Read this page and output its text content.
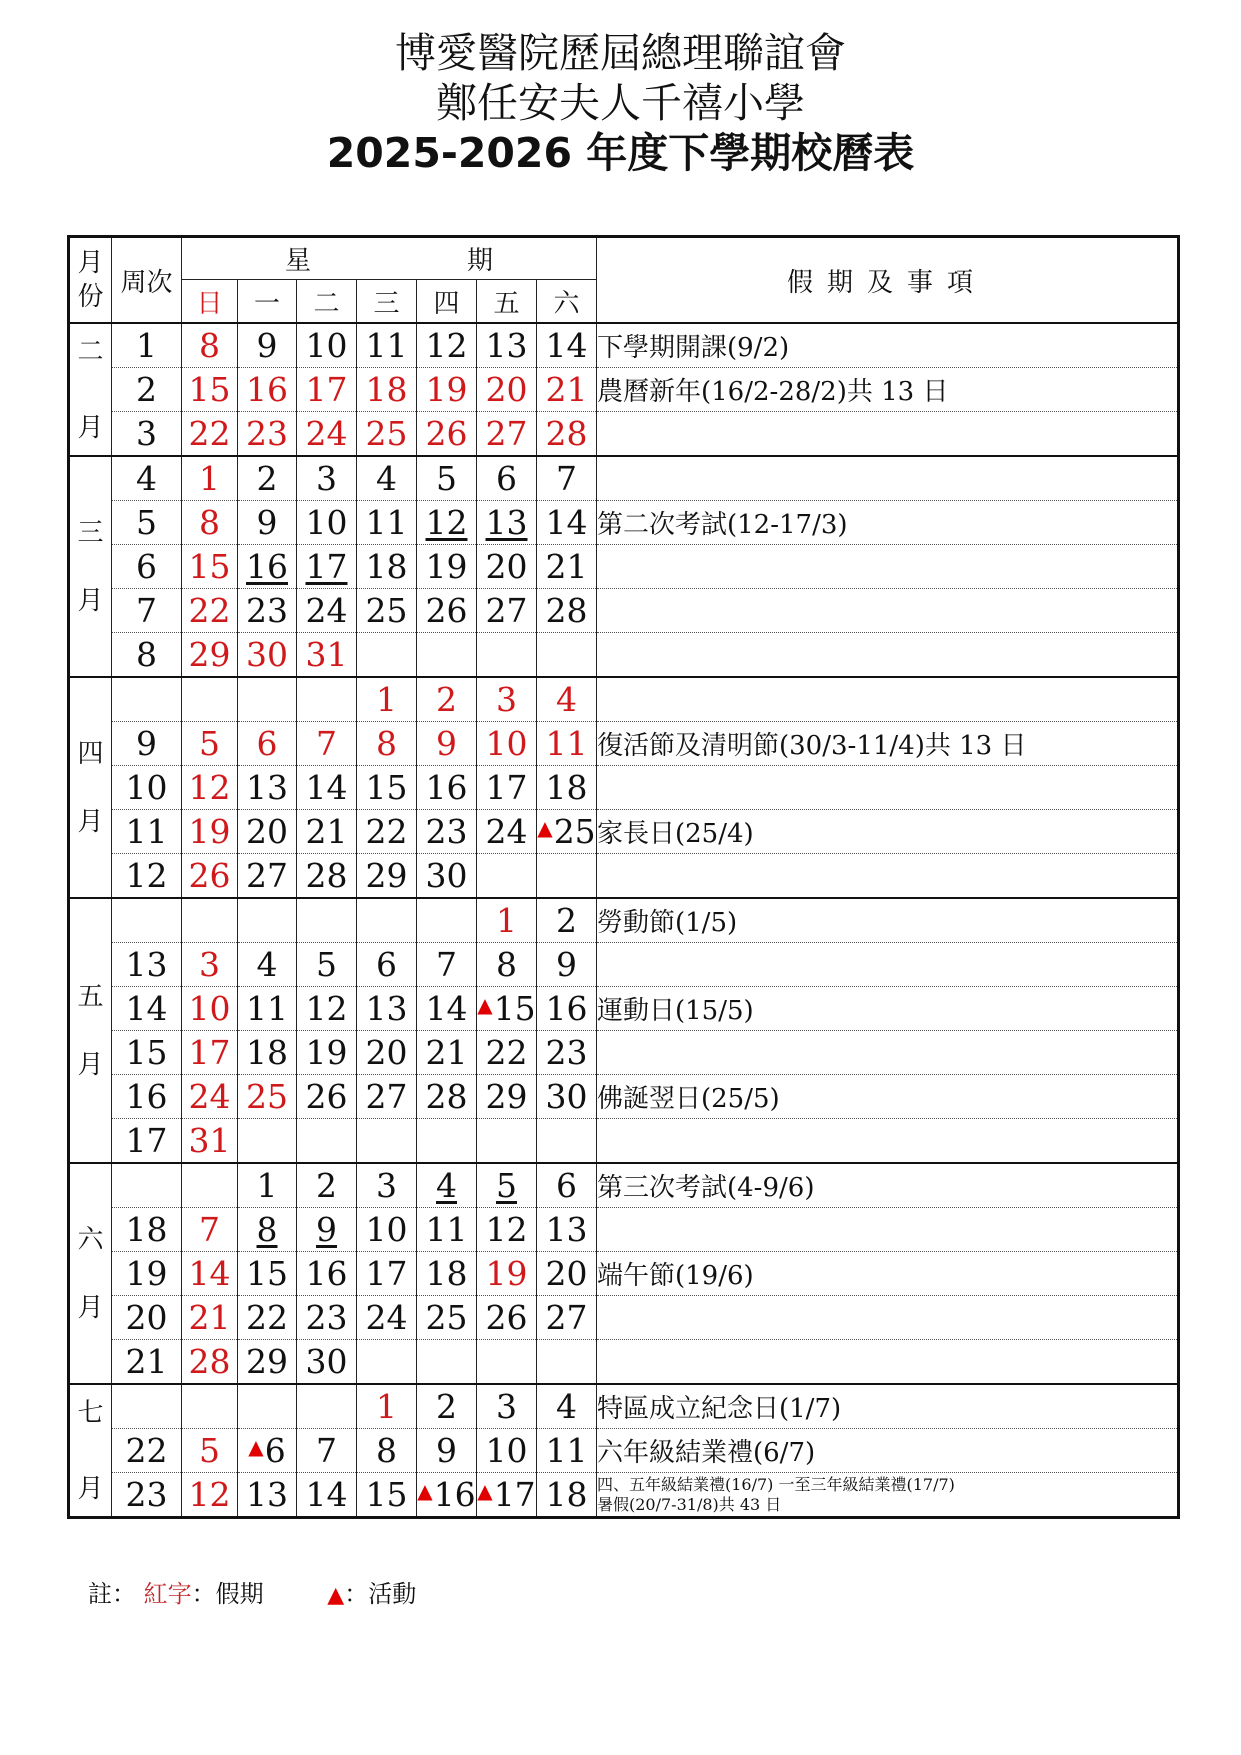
博愛醫院歷屆總理聯誼會
鄭任安夫人千禧小學
2025-2026 年度下學期校曆表
月份	周次	星　　　　　　期							假期及事項
		日	一	二	三	四	五	六	

二

月	1	8	9	10	11	12	13	14	下學期開課(9/2)
	2	15	16	17	18	19	20	21	農曆新年(16/2-28/2)共 13 日
	3	22	23	24	25	26	27	28	

三

月	4	1	2	3	4	5	6	7	
	5	8	9	10	11	12	13	14	第二次考試(12-17/3)
	6	15	16	17	18	19	20	21	
	7	22	23	24	25	26	27	28	
	8	29	30	31					

四

月					1	2	3	4	
	9	5	6	7	8	9	10	11	復活節及清明節(30/3-11/4)共 13 日
	10	12	13	14	15	16	17	18	
	11	19	20	21	22	23	24	▲25	家長日(25/4)
	12	26	27	28	29	30			

五

月							1	2	勞動節(1/5)
	13	3	4	5	6	7	8	9	
	14	10	11	12	13	14	▲15	16	運動日(15/5)
	15	17	18	19	20	21	22	23	
	16	24	25	26	27	28	29	30	佛誕翌日(25/5)
	17	31							

六

月			1	2	3	4	5	6	第三次考試(4-9/6)
	18	7	8	9	10	11	12	13	
	19	14	15	16	17	18	19	20	端午節(19/6)
	20	21	22	23	24	25	26	27	
	21	28	29	30					

七

月					1	2	3	4	特區成立紀念日(1/7)
	22	5	▲6	7	8	9	10	11	六年級結業禮(6/7)
	23	12	13	14	15	▲16	▲17	18	四、五年級結業禮(16/7) 一至三年級結業禮(17/7)
暑假(20/7-31/8)共 43 日
註： 紅字：假期	▲：活動
